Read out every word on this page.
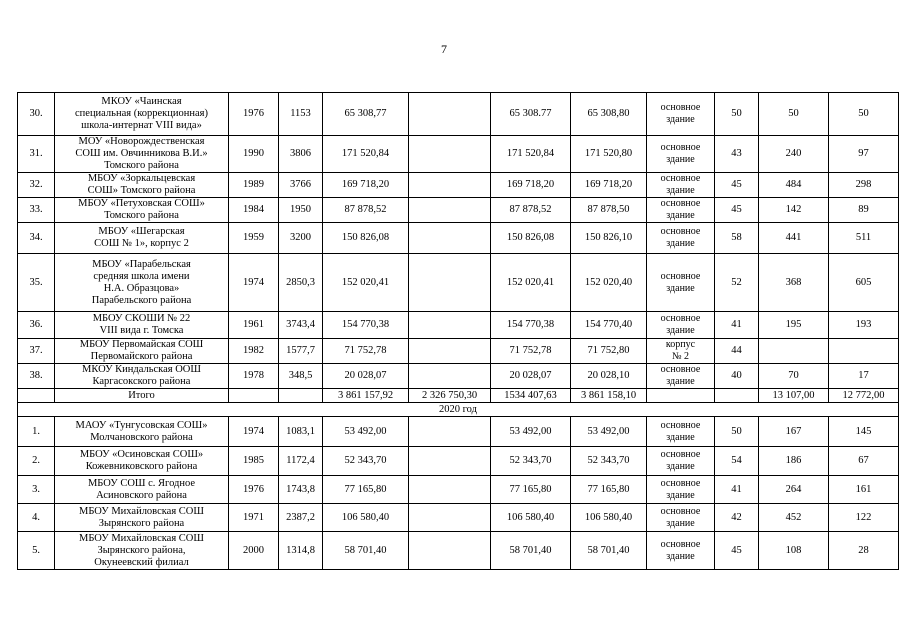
7
30.	МКОУ «Чаинская
специальная (коррекционная)
школа-интернат VIII вида»	1976	1153	65 308,77		65 308.77	65 308,80	основное
здание	50	50	50
31.	МОУ «Новорождественская
СОШ им. Овчинникова В.И.»
Томского района	1990	3806	171 520,84		171 520,84	171 520,80	основное
здание	43	240	97
32.	МБОУ «Зоркальцевская
СОШ» Томского района	1989	3766	169 718,20		169 718,20	169 718,20	основное
здание	45	484	298
33.	МБОУ «Петуховская СОШ»
Томского района	1984	1950	87 878,52		87 878,52	87 878,50	основное
здание	45	142	89
34.	МБОУ «Шегарская
СОШ № 1», корпус 2	1959	3200	150 826,08		150 826,08	150 826,10	основное
здание	58	441	511
35.	МБОУ «Парабельская
средняя школа имени
Н.А. Образцова»
Парабельского района	1974	2850,3	152 020,41		152 020,41	152 020,40	основное
здание	52	368	605
36.	МБОУ СКОШИ № 22
VIII вида г. Томска	1961	3743,4	154 770,38		154 770,38	154 770,40	основное
здание	41	195	193
37.	МБОУ Первомайская СОШ
Первомайского района	1982	1577,7	71 752,78		71 752,78	71 752,80	корпус
№ 2	44		
38.	МКОУ Киндальская ООШ
Каргасокского района	1978	348,5	20 028,07		20 028,07	20 028,10	основное
здание	40	70	17
	Итого			3 861 157,92	2 326 750,30	1534 407,63	3 861 158,10			13 107,00	12 772,00
2020 год											
1.	МАОУ «Тунгусовская СОШ»
Молчановского района	1974	1083,1	53 492,00		53 492,00	53 492,00	основное
здание	50	167	145
2.	МБОУ «Осиновская СОШ»
Кожевниковского района	1985	1172,4	52 343,70		52 343,70	52 343,70	основное
здание	54	186	67
3.	МБОУ СОШ с. Ягодное
Асиновского района	1976	1743,8	77 165,80		77 165,80	77 165,80	основное
здание	41	264	161
4.	МБОУ Михайловская СОШ
Зырянского района	1971	2387,2	106 580,40		106 580,40	106 580,40	основное
здание	42	452	122
5.	МБОУ Михайловская СОШ
Зырянского района,
Окунеевский филиал	2000	1314,8	58 701,40		58 701,40	58 701,40	основное
здание	45	108	28
